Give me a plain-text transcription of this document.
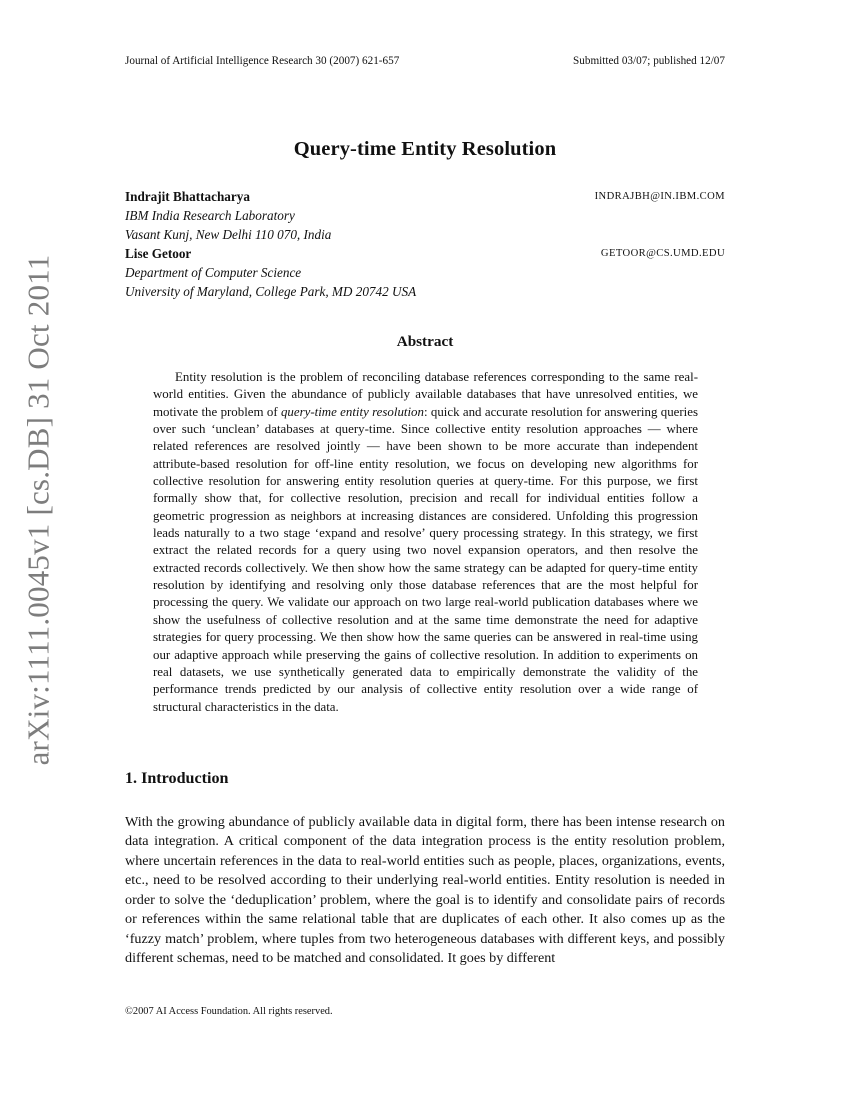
arXiv:1111.0045v1 [cs.DB] 31 Oct 2011
Journal of Artificial Intelligence Research 30 (2007) 621-657	Submitted 03/07; published 12/07
Query-time Entity Resolution
Indrajit Bhattacharya	INDRAJBH@IN.IBM.COM
IBM India Research Laboratory
Vasant Kunj, New Delhi 110 070, India
Lise Getoor	GETOOR@CS.UMD.EDU
Department of Computer Science
University of Maryland, College Park, MD 20742 USA
Abstract
Entity resolution is the problem of reconciling database references corresponding to the same real-world entities. Given the abundance of publicly available databases that have unresolved entities, we motivate the problem of query-time entity resolution: quick and accurate resolution for answering queries over such ‘unclean’ databases at query-time. Since collective entity resolution approaches — where related references are resolved jointly — have been shown to be more accurate than independent attribute-based resolution for off-line entity resolution, we focus on developing new algorithms for collective resolution for answering entity resolution queries at query-time. For this purpose, we first formally show that, for collective resolution, precision and recall for individual entities follow a geometric progression as neighbors at increasing distances are considered. Unfolding this progression leads naturally to a two stage ‘expand and resolve’ query processing strategy. In this strategy, we first extract the related records for a query using two novel expansion operators, and then resolve the extracted records collectively. We then show how the same strategy can be adapted for query-time entity resolution by identifying and resolving only those database references that are the most helpful for processing the query. We validate our approach on two large real-world publication databases where we show the usefulness of collective resolution and at the same time demonstrate the need for adaptive strategies for query processing. We then show how the same queries can be answered in real-time using our adaptive approach while preserving the gains of collective resolution. In addition to experiments on real datasets, we use synthetically generated data to empirically demonstrate the validity of the performance trends predicted by our analysis of collective entity resolution over a wide range of structural characteristics in the data.
1. Introduction
With the growing abundance of publicly available data in digital form, there has been intense research on data integration. A critical component of the data integration process is the entity resolution problem, where uncertain references in the data to real-world entities such as people, places, organizations, events, etc., need to be resolved according to their underlying real-world entities. Entity resolution is needed in order to solve the ‘deduplication’ problem, where the goal is to identify and consolidate pairs of records or references within the same relational table that are duplicates of each other. It also comes up as the ‘fuzzy match’ problem, where tuples from two heterogeneous databases with different keys, and possibly different schemas, need to be matched and consolidated. It goes by different
©2007 AI Access Foundation. All rights reserved.
